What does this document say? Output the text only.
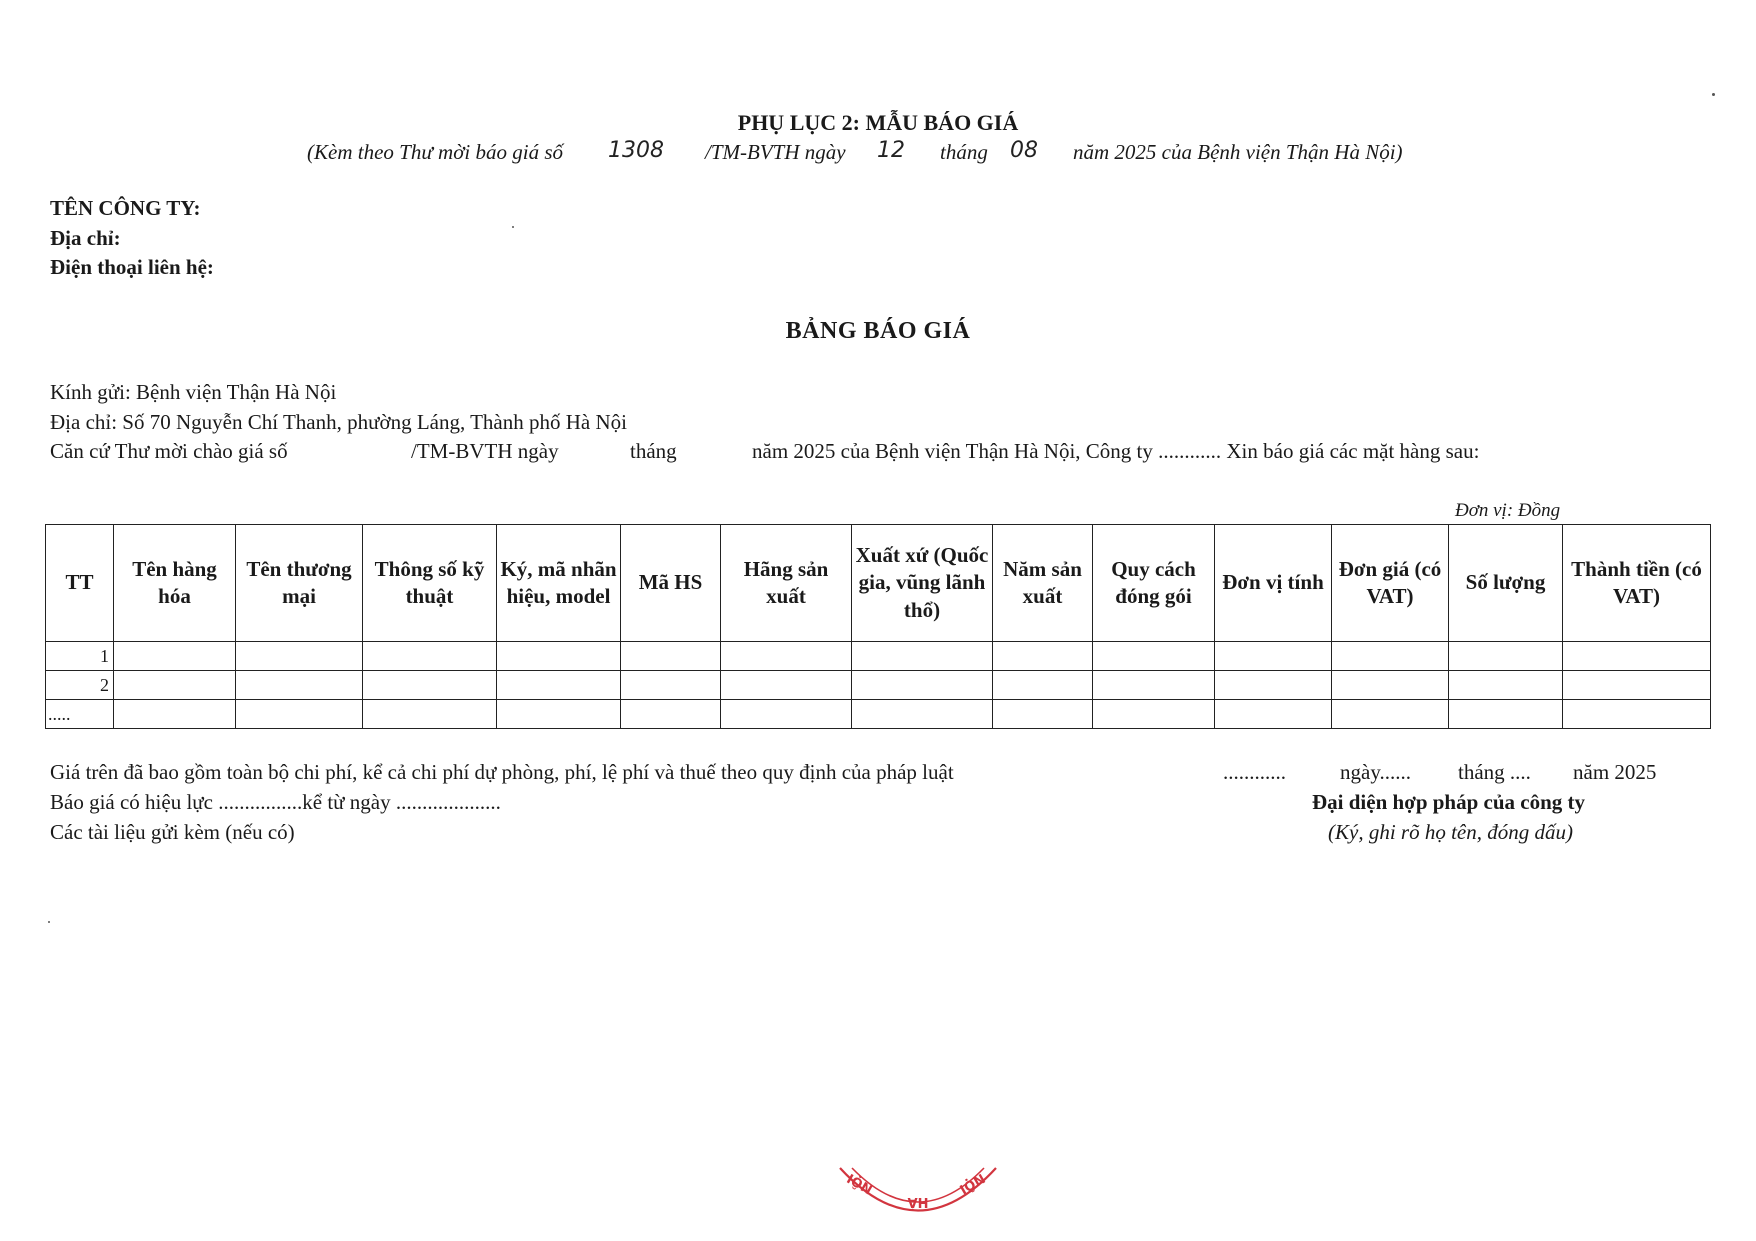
PHỤ LỤC 2: MẪU BÁO GIÁ
(Kèm theo Thư mời báo giá số 1308 /TM-BVTH ngày 12 tháng 08 năm 2025 của Bệnh viện Thận Hà Nội)
TÊN CÔNG TY:
Địa chỉ:
Điện thoại liên hệ:
BẢNG BÁO GIÁ
Kính gửi: Bệnh viện Thận Hà Nội
Địa chỉ: Số 70 Nguyễn Chí Thanh, phường Láng, Thành phố Hà Nội
Căn cứ Thư mời chào giá số	/TM-BVTH ngày	tháng	năm 2025 của Bệnh viện Thận Hà Nội, Công ty ............ Xin báo giá các mặt hàng sau:
Đơn vị: Đồng
TT	Tên hàng hóa	Tên thương mại	Thông số kỹ thuật	Ký, mã nhãn hiệu, model	Mã HS	Hãng sản xuất	Xuất xứ (Quốc gia, vũng lãnh thổ)	Năm sản xuất	Quy cách đóng gói	Đơn vị tính	Đơn giá (có VAT)	Số lượng	Thành tiền (có VAT)
1													
2													
.....													
Giá trên đã bao gồm toàn bộ chi phí, kể cả chi phí dự phòng, phí, lệ phí và thuế theo quy định của pháp luật
Báo giá có hiệu lực ................kể từ ngày ....................
Các tài liệu gửi kèm (nếu có)
............	ngày...... tháng .... năm 2025
Đại diện hợp pháp của công ty
(Ký, ghi rõ họ tên, đóng dấu)
NỘI
HÀ
NỘI
